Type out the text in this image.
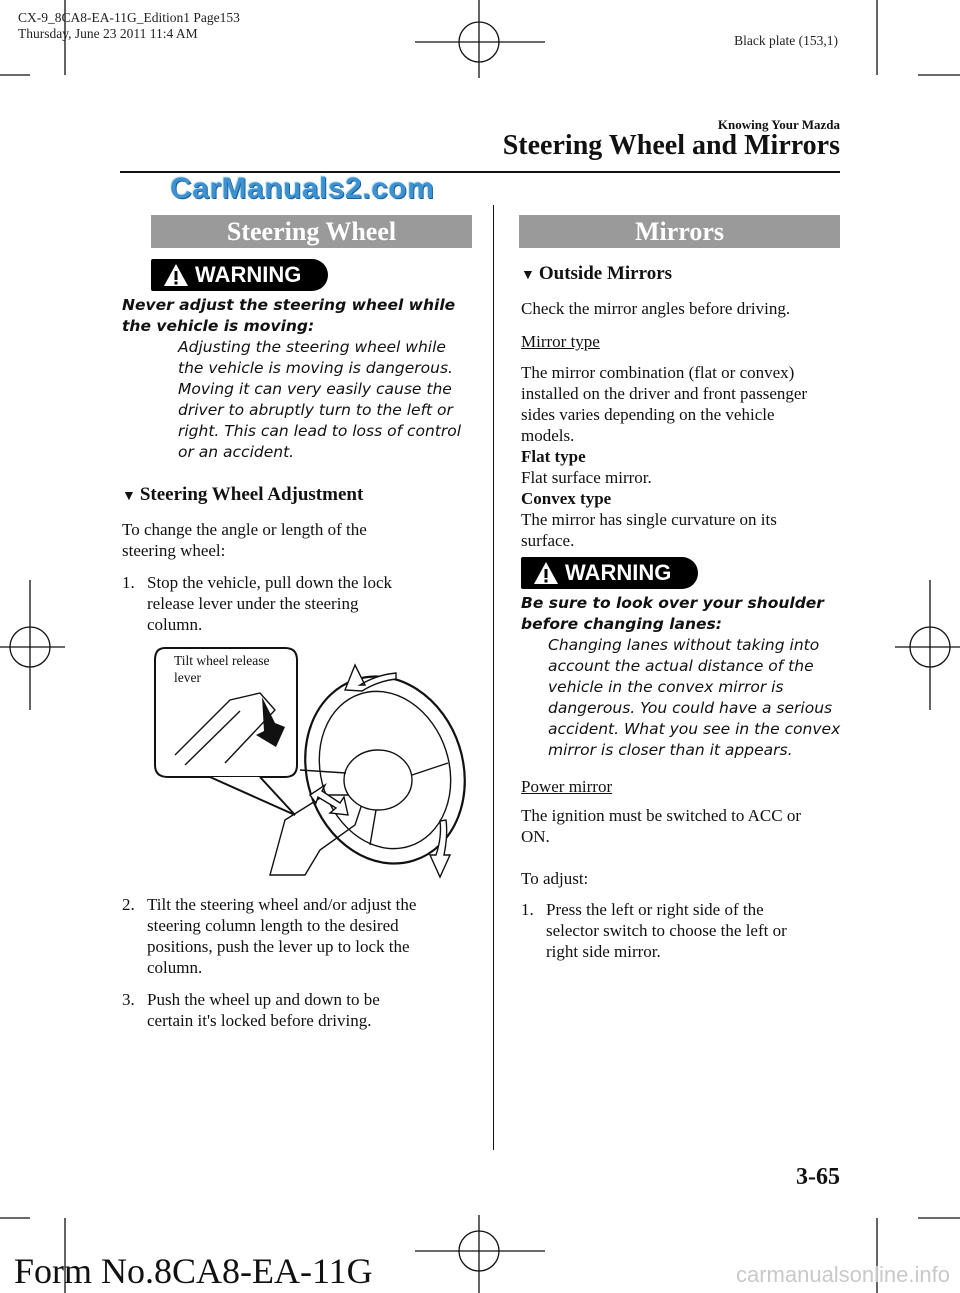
CX-9_8CA8-EA-11G_Edition1 Page153
Thursday, June 23 2011 11:4 AM	Black plate (153,1)
Knowing Your Mazda
Steering Wheel and Mirrors
CarManuals2.com
Steering Wheel
WARNING
Never adjust the steering wheel while
the vehicle is moving:
Adjusting the steering wheel while
the vehicle is moving is dangerous.
Moving it can very easily cause the
driver to abruptly turn to the left or
right. This can lead to loss of control
or an accident.
▼ Steering Wheel Adjustment
To change the angle or length of the
steering wheel:
1. Stop the vehicle, pull down the lock
release lever under the steering
column.
Tilt wheel release
lever
2. Tilt the steering wheel and/or adjust the
steering column length to the desired
positions, push the lever up to lock the
column.
3. Push the wheel up and down to be
certain it's locked before driving.
Mirrors
▼ Outside Mirrors
Check the mirror angles before driving.
Mirror type
The mirror combination (flat or convex)
installed on the driver and front passenger
sides varies depending on the vehicle
models.
Flat type
Flat surface mirror.
Convex type
The mirror has single curvature on its
surface.
WARNING
Be sure to look over your shoulder
before changing lanes:
Changing lanes without taking into
account the actual distance of the
vehicle in the convex mirror is
dangerous. You could have a serious
accident. What you see in the convex
mirror is closer than it appears.
Power mirror
The ignition must be switched to ACC or
ON.
To adjust:
1. Press the left or right side of the
selector switch to choose the left or
right side mirror.
3-65
Form No.8CA8-EA-11G	carmanualsonline.info
